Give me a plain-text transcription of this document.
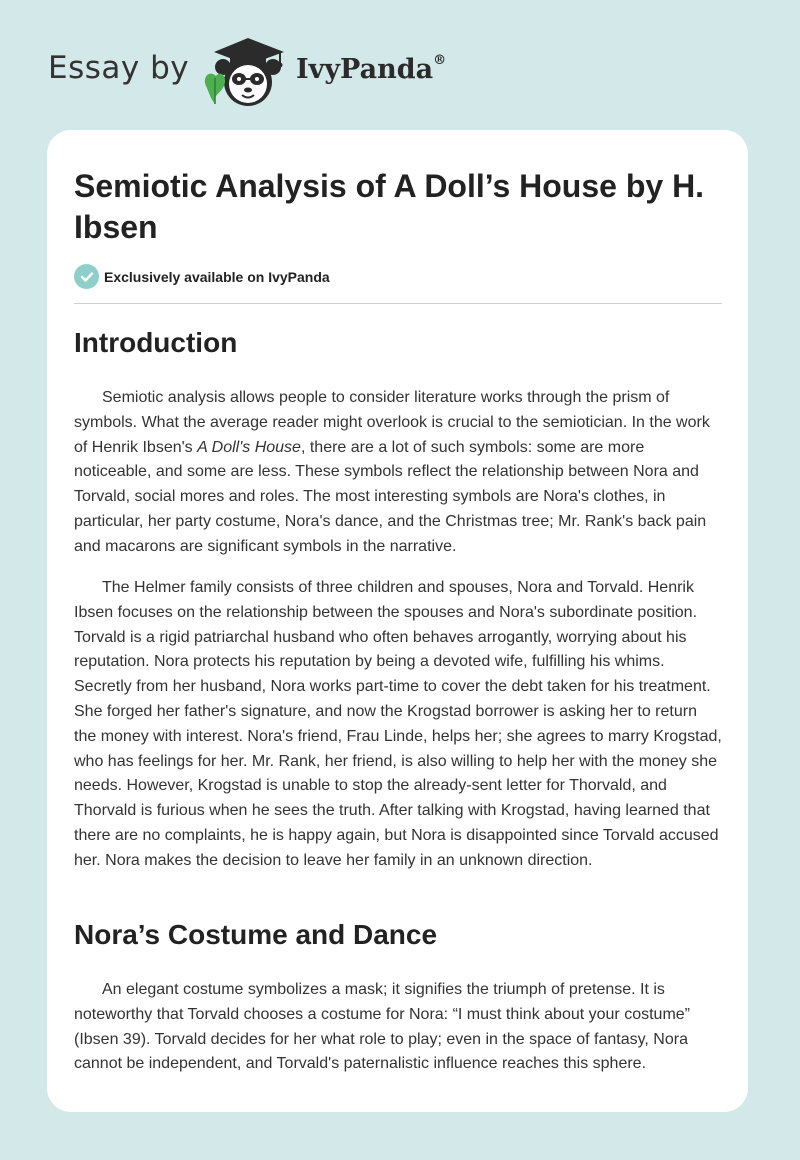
Essay by	IvyPanda®
Semiotic Analysis of A Doll’s House by H. Ibsen
Exclusively available on IvyPanda
Introduction

Semiotic analysis allows people to consider literature works through the prism of symbols. What the average reader might overlook is crucial to the semiotician. In the work of Henrik Ibsen's A Doll's House, there are a lot of such symbols: some are more noticeable, and some are less. These symbols reflect the relationship between Nora and Torvald, social mores and roles. The most interesting symbols are Nora's clothes, in particular, her party costume, Nora's dance, and the Christmas tree; Mr. Rank's back pain and macarons are significant symbols in the narrative.

The Helmer family consists of three children and spouses, Nora and Torvald. Henrik Ibsen focuses on the relationship between the spouses and Nora's subordinate position. Torvald is a rigid patriarchal husband who often behaves arrogantly, worrying about his reputation. Nora protects his reputation by being a devoted wife, fulfilling his whims. Secretly from her husband, Nora works part-time to cover the debt taken for his treatment. She forged her father's signature, and now the Krogstad borrower is asking her to return the money with interest. Nora's friend, Frau Linde, helps her; she agrees to marry Krogstad, who has feelings for her. Mr. Rank, her friend, is also willing to help her with the money she needs. However, Krogstad is unable to stop the already-sent letter for Thorvald, and Thorvald is furious when he sees the truth. After talking with Krogstad, having learned that there are no complaints, he is happy again, but Nora is disappointed since Torvald accused her. Nora makes the decision to leave her family in an unknown direction.

Nora’s Costume and Dance

An elegant costume symbolizes a mask; it signifies the triumph of pretense. It is noteworthy that Torvald chooses a costume for Nora: “I must think about your costume” (Ibsen 39). Torvald decides for her what role to play; even in the space of fantasy, Nora cannot be independent, and Torvald's paternalistic influence reaches this sphere.
